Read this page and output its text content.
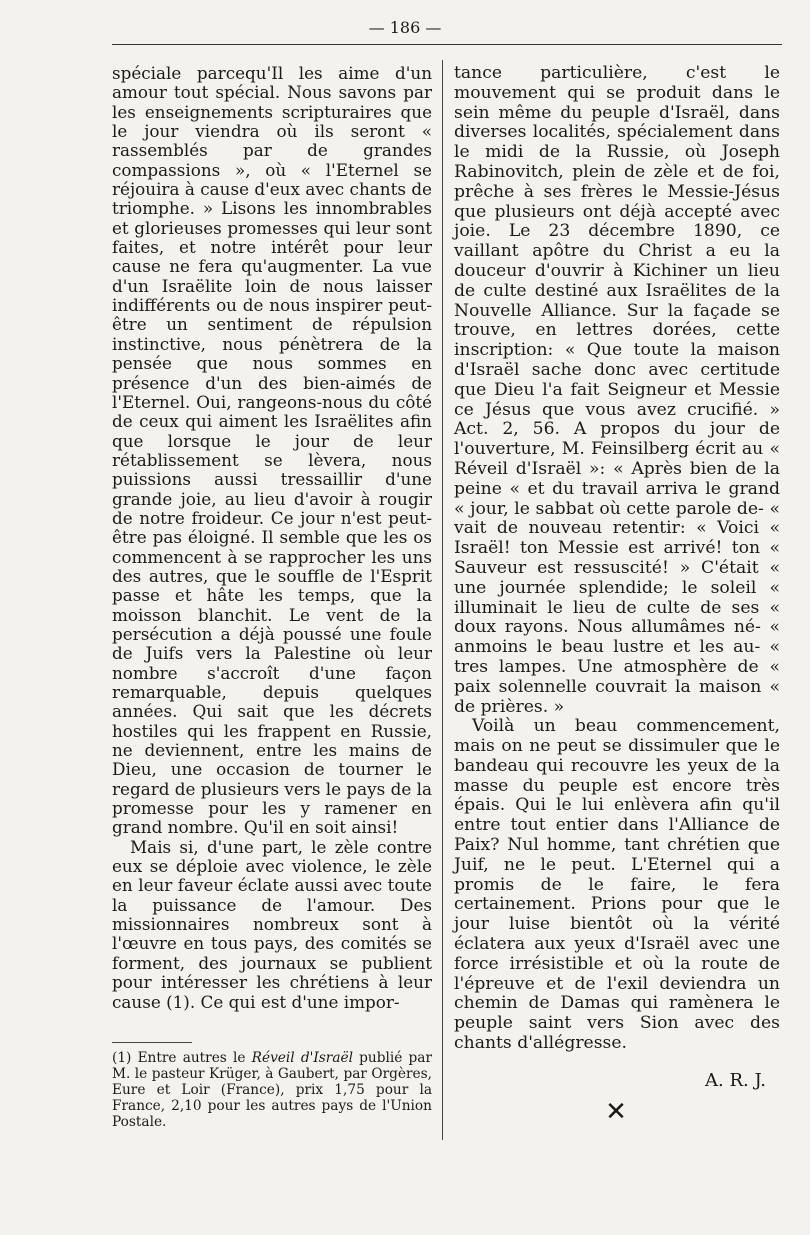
— 186 —

spéciale parcequ'Il les aime d'un amour tout spécial. Nous savons par les enseignements scripturaires que le jour viendra où ils seront « rassemblés par de grandes compassions », où « l'Eternel se réjouira à cause d'eux avec chants de triomphe. » Lisons les innombrables et glorieuses promesses qui leur sont faites, et notre intérêt pour leur cause ne fera qu'augmenter. La vue d'un Israëlite loin de nous laisser indifférents ou de nous inspirer peut-être un sentiment de répulsion instinctive, nous pénètrera de la pensée que nous sommes en présence d'un des bien-aimés de l'Eternel. Oui, rangeons-nous du côté de ceux qui aiment les Israëlites afin que lorsque le jour de leur rétablissement se lèvera, nous puissions aussi tressaillir d'une grande joie, au lieu d'avoir à rougir de notre froideur. Ce jour n'est peut-être pas éloigné. Il semble que les os commencent à se rapprocher les uns des autres, que le souffle de l'Esprit passe et hâte les temps, que la moisson blanchit. Le vent de la persécution a déjà poussé une foule de Juifs vers la Palestine où leur nombre s'accroît d'une façon remarquable, depuis quelques années. Qui sait que les décrets hostiles qui les frappent en Russie, ne deviennent, entre les mains de Dieu, une occasion de tourner le regard de plusieurs vers le pays de la promesse pour les y ramener en grand nombre. Qu'il en soit ainsi!

Mais si, d'une part, le zèle contre eux se déploie avec violence, le zèle en leur faveur éclate aussi avec toute la puissance de l'amour. Des missionnaires nombreux sont à l'œuvre en tous pays, des comités se forment, des journaux se publient pour intéresser les chrétiens à leur cause (1). Ce qui est d'une impor-

tance particulière, c'est le mouvement qui se produit dans le sein même du peuple d'Israël, dans diverses localités, spécialement dans le midi de la Russie, où Joseph Rabinovitch, plein de zèle et de foi, prêche à ses frères le Messie-Jésus que plusieurs ont déjà accepté avec joie. Le 23 décembre 1890, ce vaillant apôtre du Christ a eu la douceur d'ouvrir à Kichiner un lieu de culte destiné aux Israëlites de la Nouvelle Alliance. Sur la façade se trouve, en lettres dorées, cette inscription: « Que toute la maison d'Israël sache donc avec certitude que Dieu l'a fait Seigneur et Messie ce Jésus que vous avez crucifié. » Act. 2, 56. A propos du jour de l'ouverture, M. Feinsilberg écrit au « Réveil d'Israël »: « Après bien de la peine « et du travail arriva le grand « jour, le sabbat où cette parole de- « vait de nouveau retentir: « Voici « Israël! ton Messie est arrivé! ton « Sauveur est ressuscité! » C'était « une journée splendide; le soleil « illuminait le lieu de culte de ses « doux rayons. Nous allumâmes né- « anmoins le beau lustre et les au- « tres lampes. Une atmosphère de « paix solennelle couvrait la maison « de prières. »

Voilà un beau commencement, mais on ne peut se dissimuler que le bandeau qui recouvre les yeux de la masse du peuple est encore très épais. Qui le lui enlèvera afin qu'il entre tout entier dans l'Alliance de Paix? Nul homme, tant chrétien que Juif, ne le peut. L'Eternel qui a promis de le faire, le fera certainement. Prions pour que le jour luise bientôt où la vérité éclatera aux yeux d'Israël avec une force irrésistible et où la route de l'épreuve et de l'exil deviendra un chemin de Damas qui ramènera le peuple saint vers Sion avec des chants d'allégresse.

(1) Entre autres le Réveil d'Israël publié par M. le pasteur Krüger, à Gaubert, par Orgères, Eure et Loir (France), prix 1,75 pour la France, 2,10 pour les autres pays de l'Union Postale.
A. R. J.
✕
